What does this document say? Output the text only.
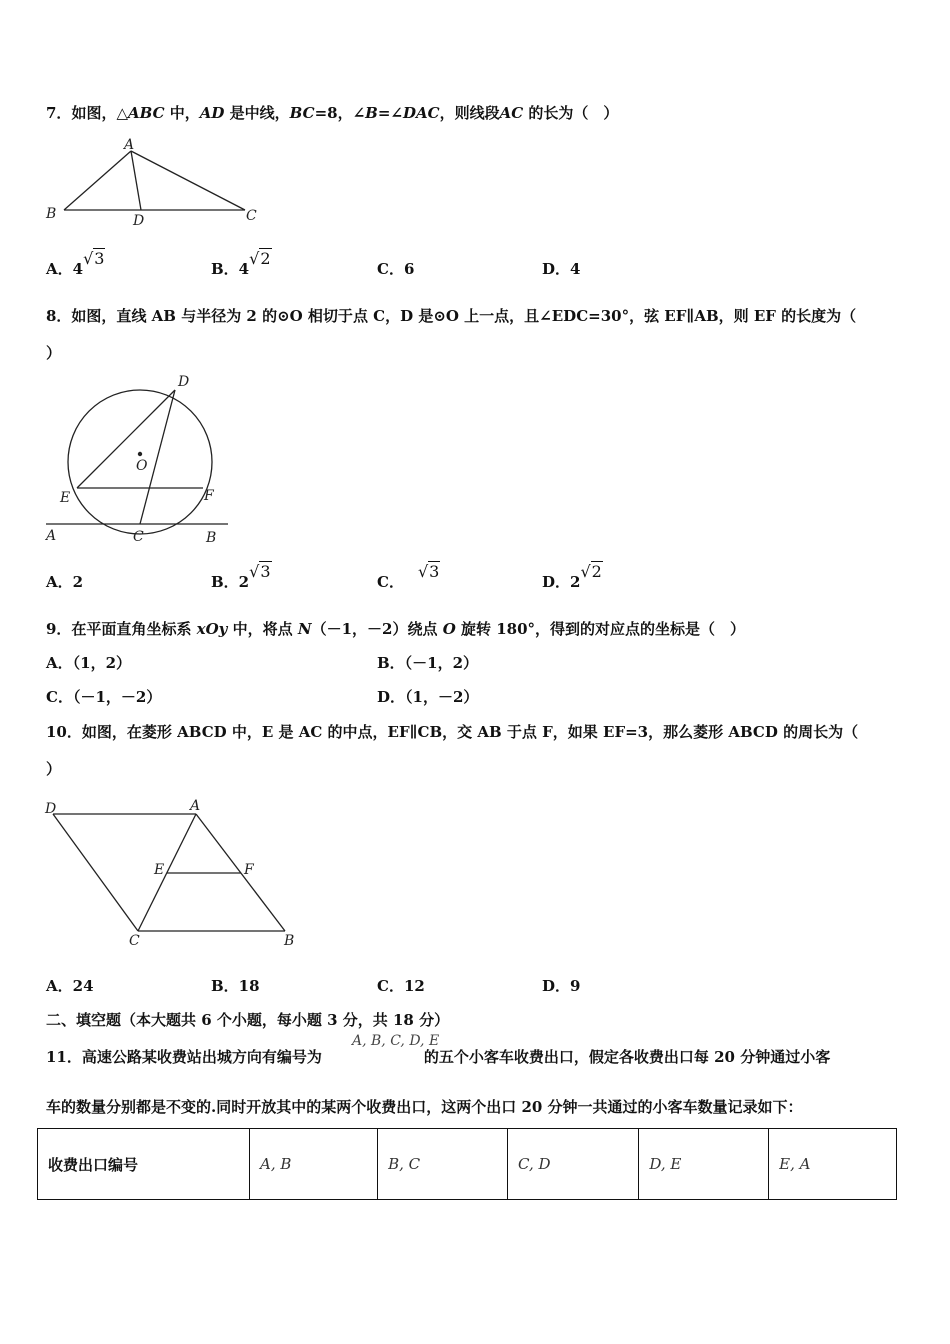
7．如图，△ABC 中，AD 是中线，BC=8，∠B=∠DAC，则线段AC 的长为（　）
A
B	C
D
A．4√3
B．4√2
C．6	D．4
8．如图，直线 AB 与半径为 2 的⊙O 相切于点 C，D 是⊙O 上一点，且∠EDC=30°，弦 EF∥AB，则 EF 的长度为（
）
D
O
E	F
A	C	B
A．2	B．2√3
C．√3
D．2√2
9．在平面直角坐标系 xOy 中，将点 N（－1，－2）绕点 O 旋转 180°，得到的对应点的坐标是（　）
A．（1，2）	B．（－1，2）
C．（－1，－2）	D．（1，－2）
10．如图，在菱形 ABCD 中，E 是 AC 的中点，EF∥CB，交 AB 于点 F，如果 EF=3，那么菱形 ABCD 的周长为（
）
D	A
E	F
C	B
A．24	B．18	C．12	D．9
二、填空题（本大题共 6 个小题，每小题 3 分，共 18 分）
11．高速公路某收费站出城方向有编号为	的五个小客车收费出口，假定各收费出口每 20 分钟通过小客
A, B, C, D, E
车的数量分别都是不变的.同时开放其中的某两个收费出口，这两个出口 20 分钟一共通过的小客车数量记录如下：
收费出口编号	A, B	B, C	C, D	D, E	E, A
